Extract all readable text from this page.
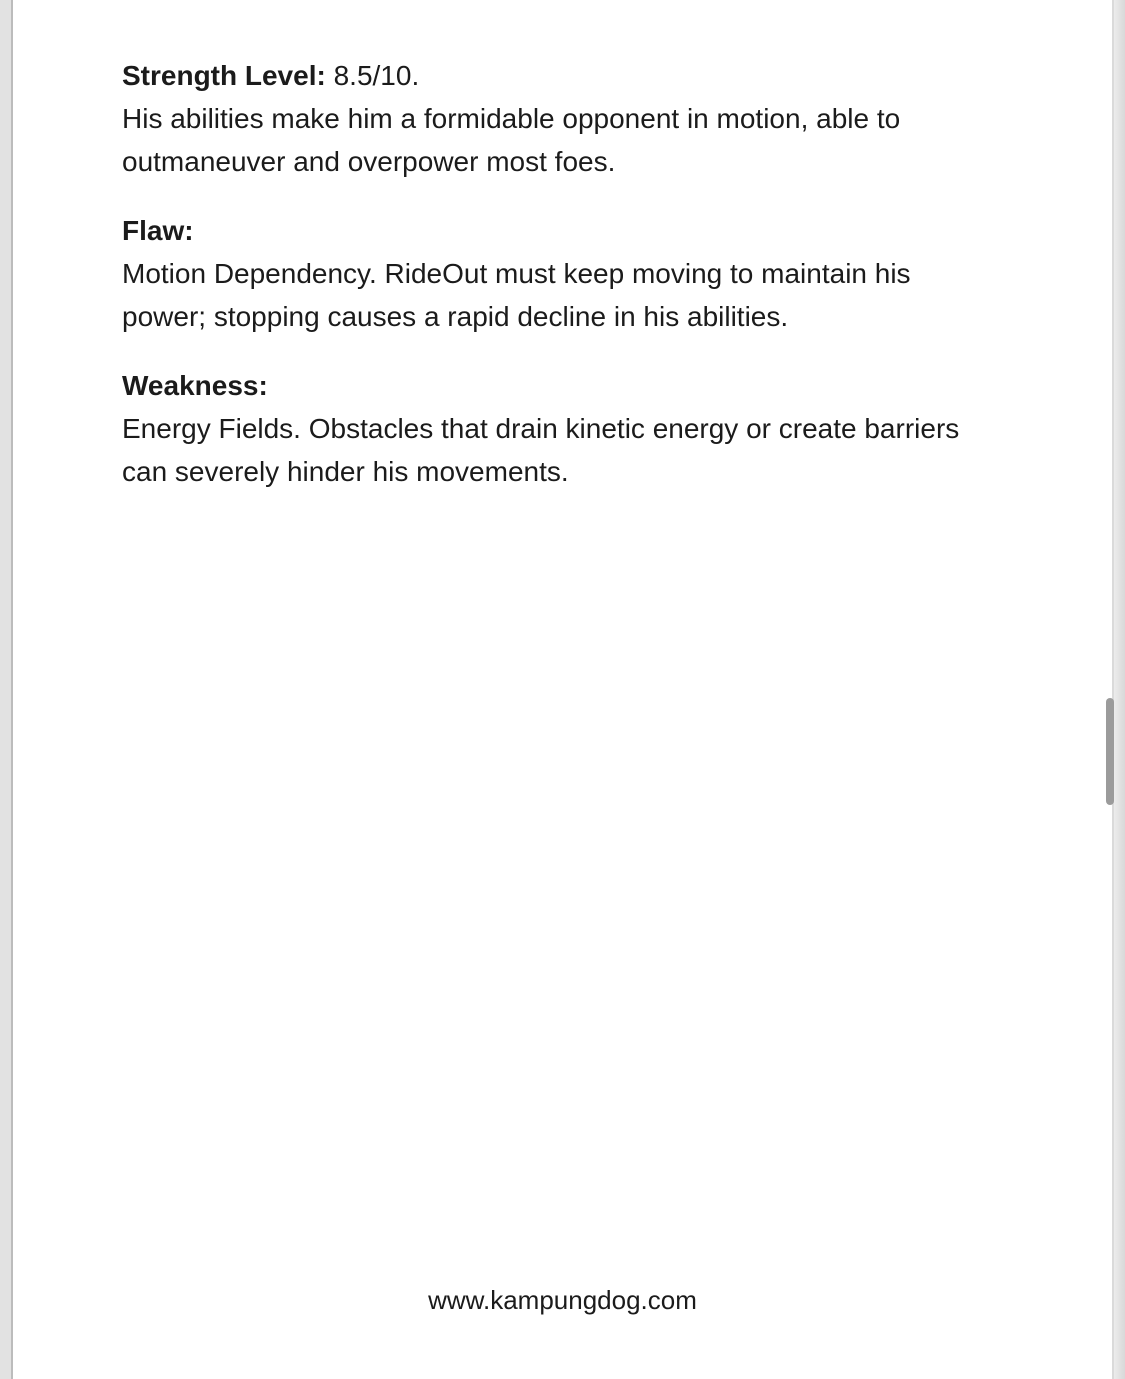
Strength Level: 8.5/10.
His abilities make him a formidable opponent in motion, able to
outmaneuver and overpower most foes.

Flaw:
Motion Dependency. RideOut must keep moving to maintain his
power; stopping causes a rapid decline in his abilities.

Weakness:
Energy Fields. Obstacles that drain kinetic energy or create barriers
can severely hinder his movements.

www.kampungdog.com
